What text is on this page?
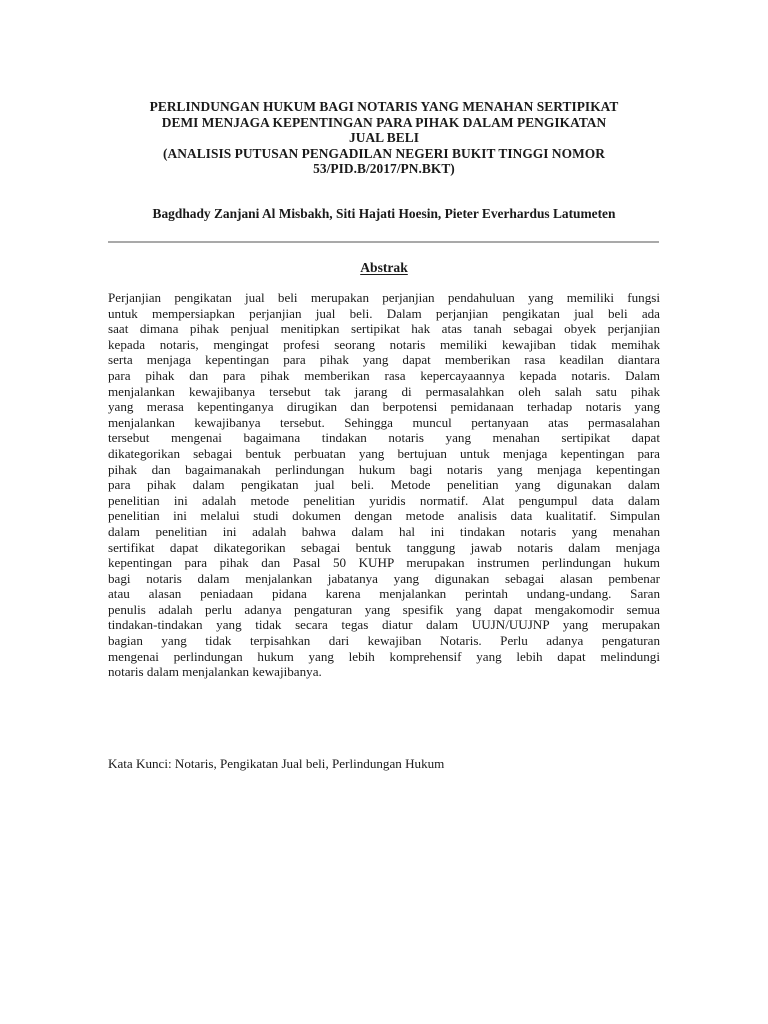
PERLINDUNGAN HUKUM BAGI NOTARIS YANG MENAHAN SERTIPIKAT
DEMI MENJAGA KEPENTINGAN PARA PIHAK DALAM PENGIKATAN
JUAL BELI
(ANALISIS PUTUSAN PENGADILAN NEGERI BUKIT TINGGI NOMOR
53/PID.B/2017/PN.BKT)
Bagdhady Zanjani Al Misbakh, Siti Hajati Hoesin, Pieter Everhardus Latumeten
Abstrak
Perjanjian pengikatan jual beli merupakan perjanjian pendahuluan yang memiliki fungsi
untuk mempersiapkan perjanjian jual beli. Dalam perjanjian pengikatan jual beli ada
saat dimana pihak penjual menitipkan sertipikat hak atas tanah sebagai obyek perjanjian
kepada notaris, mengingat profesi seorang notaris memiliki kewajiban tidak memihak
serta menjaga kepentingan para pihak yang dapat memberikan rasa keadilan diantara
para pihak dan para pihak memberikan rasa kepercayaannya kepada notaris. Dalam
menjalankan kewajibanya tersebut tak jarang di permasalahkan oleh salah satu pihak
yang merasa kepentinganya dirugikan dan berpotensi pemidanaan terhadap notaris yang
menjalankan kewajibanya tersebut. Sehingga muncul pertanyaan atas permasalahan
tersebut mengenai bagaimana tindakan notaris yang menahan sertipikat dapat
dikategorikan sebagai bentuk perbuatan yang bertujuan untuk menjaga kepentingan para
pihak dan bagaimanakah perlindungan hukum bagi notaris yang menjaga kepentingan
para pihak dalam pengikatan jual beli. Metode penelitian yang digunakan dalam
penelitian ini adalah metode penelitian yuridis normatif. Alat pengumpul data dalam
penelitian ini melalui studi dokumen dengan metode analisis data kualitatif. Simpulan
dalam penelitian ini adalah bahwa dalam hal ini tindakan notaris yang menahan
sertifikat dapat dikategorikan sebagai bentuk tanggung jawab notaris dalam menjaga
kepentingan para pihak dan Pasal 50 KUHP merupakan instrumen perlindungan hukum
bagi notaris dalam menjalankan jabatanya yang digunakan sebagai alasan pembenar
atau alasan peniadaan pidana karena menjalankan perintah undang-undang. Saran
penulis adalah perlu adanya pengaturan yang spesifik yang dapat mengakomodir semua
tindakan-tindakan yang tidak secara tegas diatur dalam UUJN/UUJNP yang merupakan
bagian yang tidak terpisahkan dari kewajiban Notaris. Perlu adanya pengaturan
mengenai perlindungan hukum yang lebih komprehensif yang lebih dapat melindungi
notaris dalam menjalankan kewajibanya.
Kata Kunci: Notaris, Pengikatan Jual beli, Perlindungan Hukum
